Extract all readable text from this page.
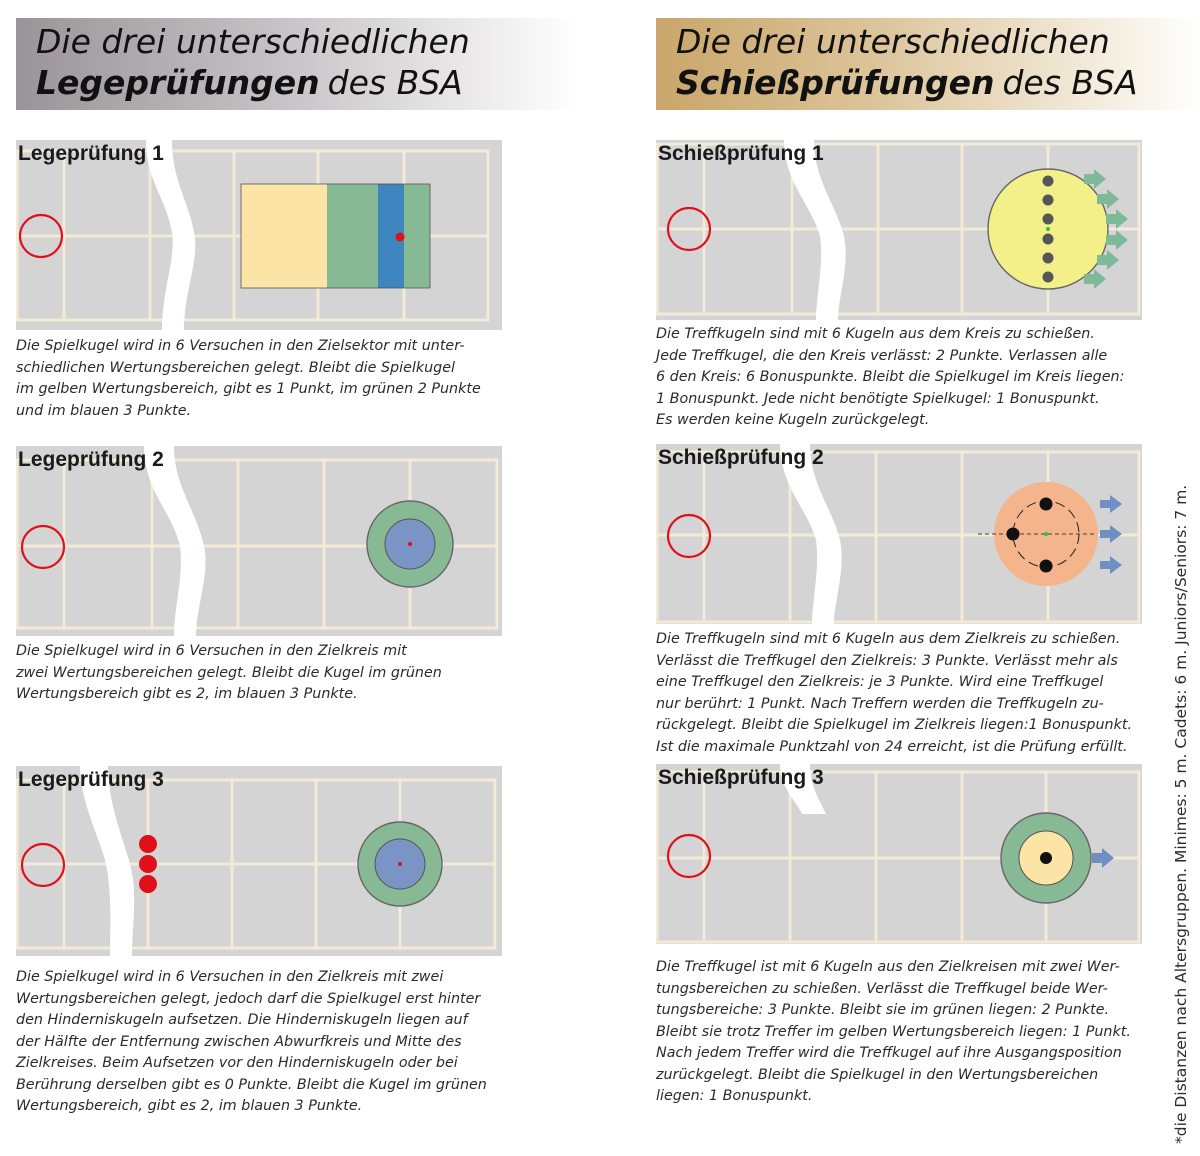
Die drei unterschiedlichen
Legeprüfungen des BSA
Die drei unterschiedlichen
Schießprüfungen des BSA
Legeprüfung 1
Die Spielkugel wird in 6 Versuchen in den Zielsektor mit unter-
schiedlichen Wertungsbereichen gelegt. Bleibt die Spielkugel
im gelben Wertungsbereich, gibt es 1 Punkt, im grünen 2 Punkte
und im blauen 3 Punkte.
Legeprüfung 2
Die Spielkugel wird in 6 Versuchen in den Zielkreis mit
zwei Wertungsbereichen gelegt. Bleibt die Kugel im grünen
Wertungsbereich gibt es 2, im blauen 3 Punkte.
Legeprüfung 3
Die Spielkugel wird in 6 Versuchen in den Zielkreis mit zwei
Wertungsbereichen gelegt, jedoch darf die Spielkugel erst hinter
den Hinderniskugeln aufsetzen. Die Hinderniskugeln liegen auf
der Hälfte der Entfernung zwischen Abwurfkreis und Mitte des
Zielkreises. Beim Aufsetzen vor den Hinderniskugeln oder bei
Berührung derselben gibt es 0 Punkte. Bleibt die Kugel im grünen
Wertungsbereich, gibt es 2, im blauen 3 Punkte.
Schießprüfung 1
Die Treffkugeln sind mit 6 Kugeln aus dem Kreis zu schießen.
Jede Treffkugel, die den Kreis verlässt: 2 Punkte. Verlassen alle
6 den Kreis: 6 Bonuspunkte. Bleibt die Spielkugel im Kreis liegen:
1 Bonuspunkt. Jede nicht benötigte Spielkugel: 1 Bonuspunkt.
Es werden keine Kugeln zurückgelegt.
Schießprüfung 2
Die Treffkugeln sind mit 6 Kugeln aus dem Zielkreis zu schießen.
Verlässt die Treffkugel den Zielkreis: 3 Punkte. Verlässt mehr als
eine Treffkugel den Zielkreis: je 3 Punkte. Wird eine Treffkugel
nur berührt: 1 Punkt. Nach Treffern werden die Treffkugeln zu-
rückgelegt. Bleibt die Spielkugel im Zielkreis liegen:1 Bonuspunkt.
Ist die maximale Punktzahl von 24 erreicht, ist die Prüfung erfüllt.
Schießprüfung 3
Die Treffkugel ist mit 6 Kugeln aus den Zielkreisen mit zwei Wer-
tungsbereichen zu schießen. Verlässt die Treffkugel beide Wer-
tungsbereiche: 3 Punkte. Bleibt sie im grünen liegen: 2 Punkte.
Bleibt sie trotz Treffer im gelben Wertungsbereich liegen: 1 Punkt.
Nach jedem Treffer wird die Treffkugel auf ihre Ausgangsposition
zurückgelegt. Bleibt die Spielkugel in den Wertungsbereichen
liegen: 1 Bonuspunkt.	*die Distanzen nach Altersgruppen. Minimes: 5 m. Cadets: 6 m. Juniors/Seniors: 7 m.
